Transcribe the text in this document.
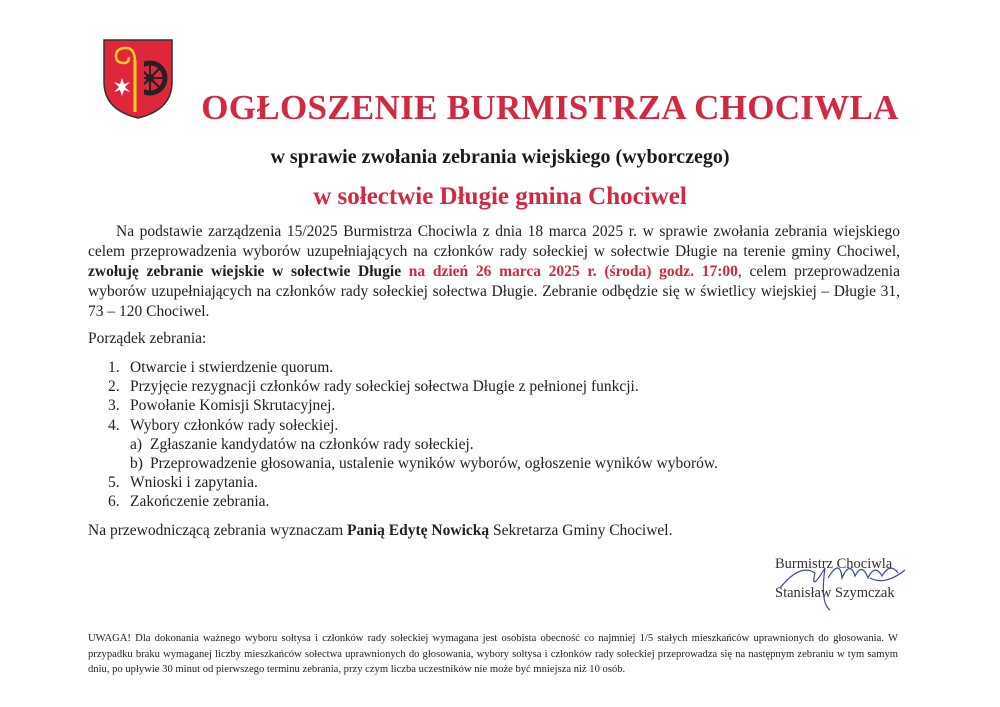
OGŁOSZENIE BURMISTRZA CHOCIWLA
w sprawie zwołania zebrania wiejskiego (wyborczego)
w sołectwie Długie gmina Chociwel
Na podstawie zarządzenia 15/2025 Burmistrza Chociwla z dnia 18 marca 2025 r. w sprawie zwołania zebrania wiejskiego celem przeprowadzenia wyborów uzupełniających na członków rady sołeckiej w sołectwie Długie na terenie gminy Chociwel, zwołuję zebranie wiejskie w sołectwie Długie na dzień 26 marca 2025 r. (środa) godz. 17:00, celem przeprowadzenia wyborów uzupełniających na członków rady sołeckiej sołectwa Długie. Zebranie odbędzie się w świetlicy wiejskiej – Długie 31, 73 – 120 Chociwel.
Porządek zebrania:
1. Otwarcie i stwierdzenie quorum.
2. Przyjęcie rezygnacji członków rady sołeckiej sołectwa Długie z pełnionej funkcji.
3. Powołanie Komisji Skrutacyjnej.
4. Wybory członków rady sołeckiej.
a) Zgłaszanie kandydatów na członków rady sołeckiej.
b) Przeprowadzenie głosowania, ustalenie wyników wyborów, ogłoszenie wyników wyborów.
5. Wnioski i zapytania.
6. Zakończenie zebrania.
Na przewodniczącą zebrania wyznaczam Panią Edytę Nowicką Sekretarza Gminy Chociwel.
Burmistrz Chociwla
Stanisław Szymczak
UWAGA! Dla dokonania ważnego wyboru sołtysa i członków rady sołeckiej wymagana jest osobista obecność co najmniej 1/5 stałych mieszkańców uprawnionych do głosowania. W przypadku braku wymaganej liczby mieszkańców sołectwa uprawnionych do głosowania, wybory sołtysa i członków rady sołeckiej przeprowadza się na następnym zebraniu w tym samym dniu, po upływie 30 minut od pierwszego terminu zebrania, przy czym liczba uczestników nie może być mniejsza niż 10 osób.
